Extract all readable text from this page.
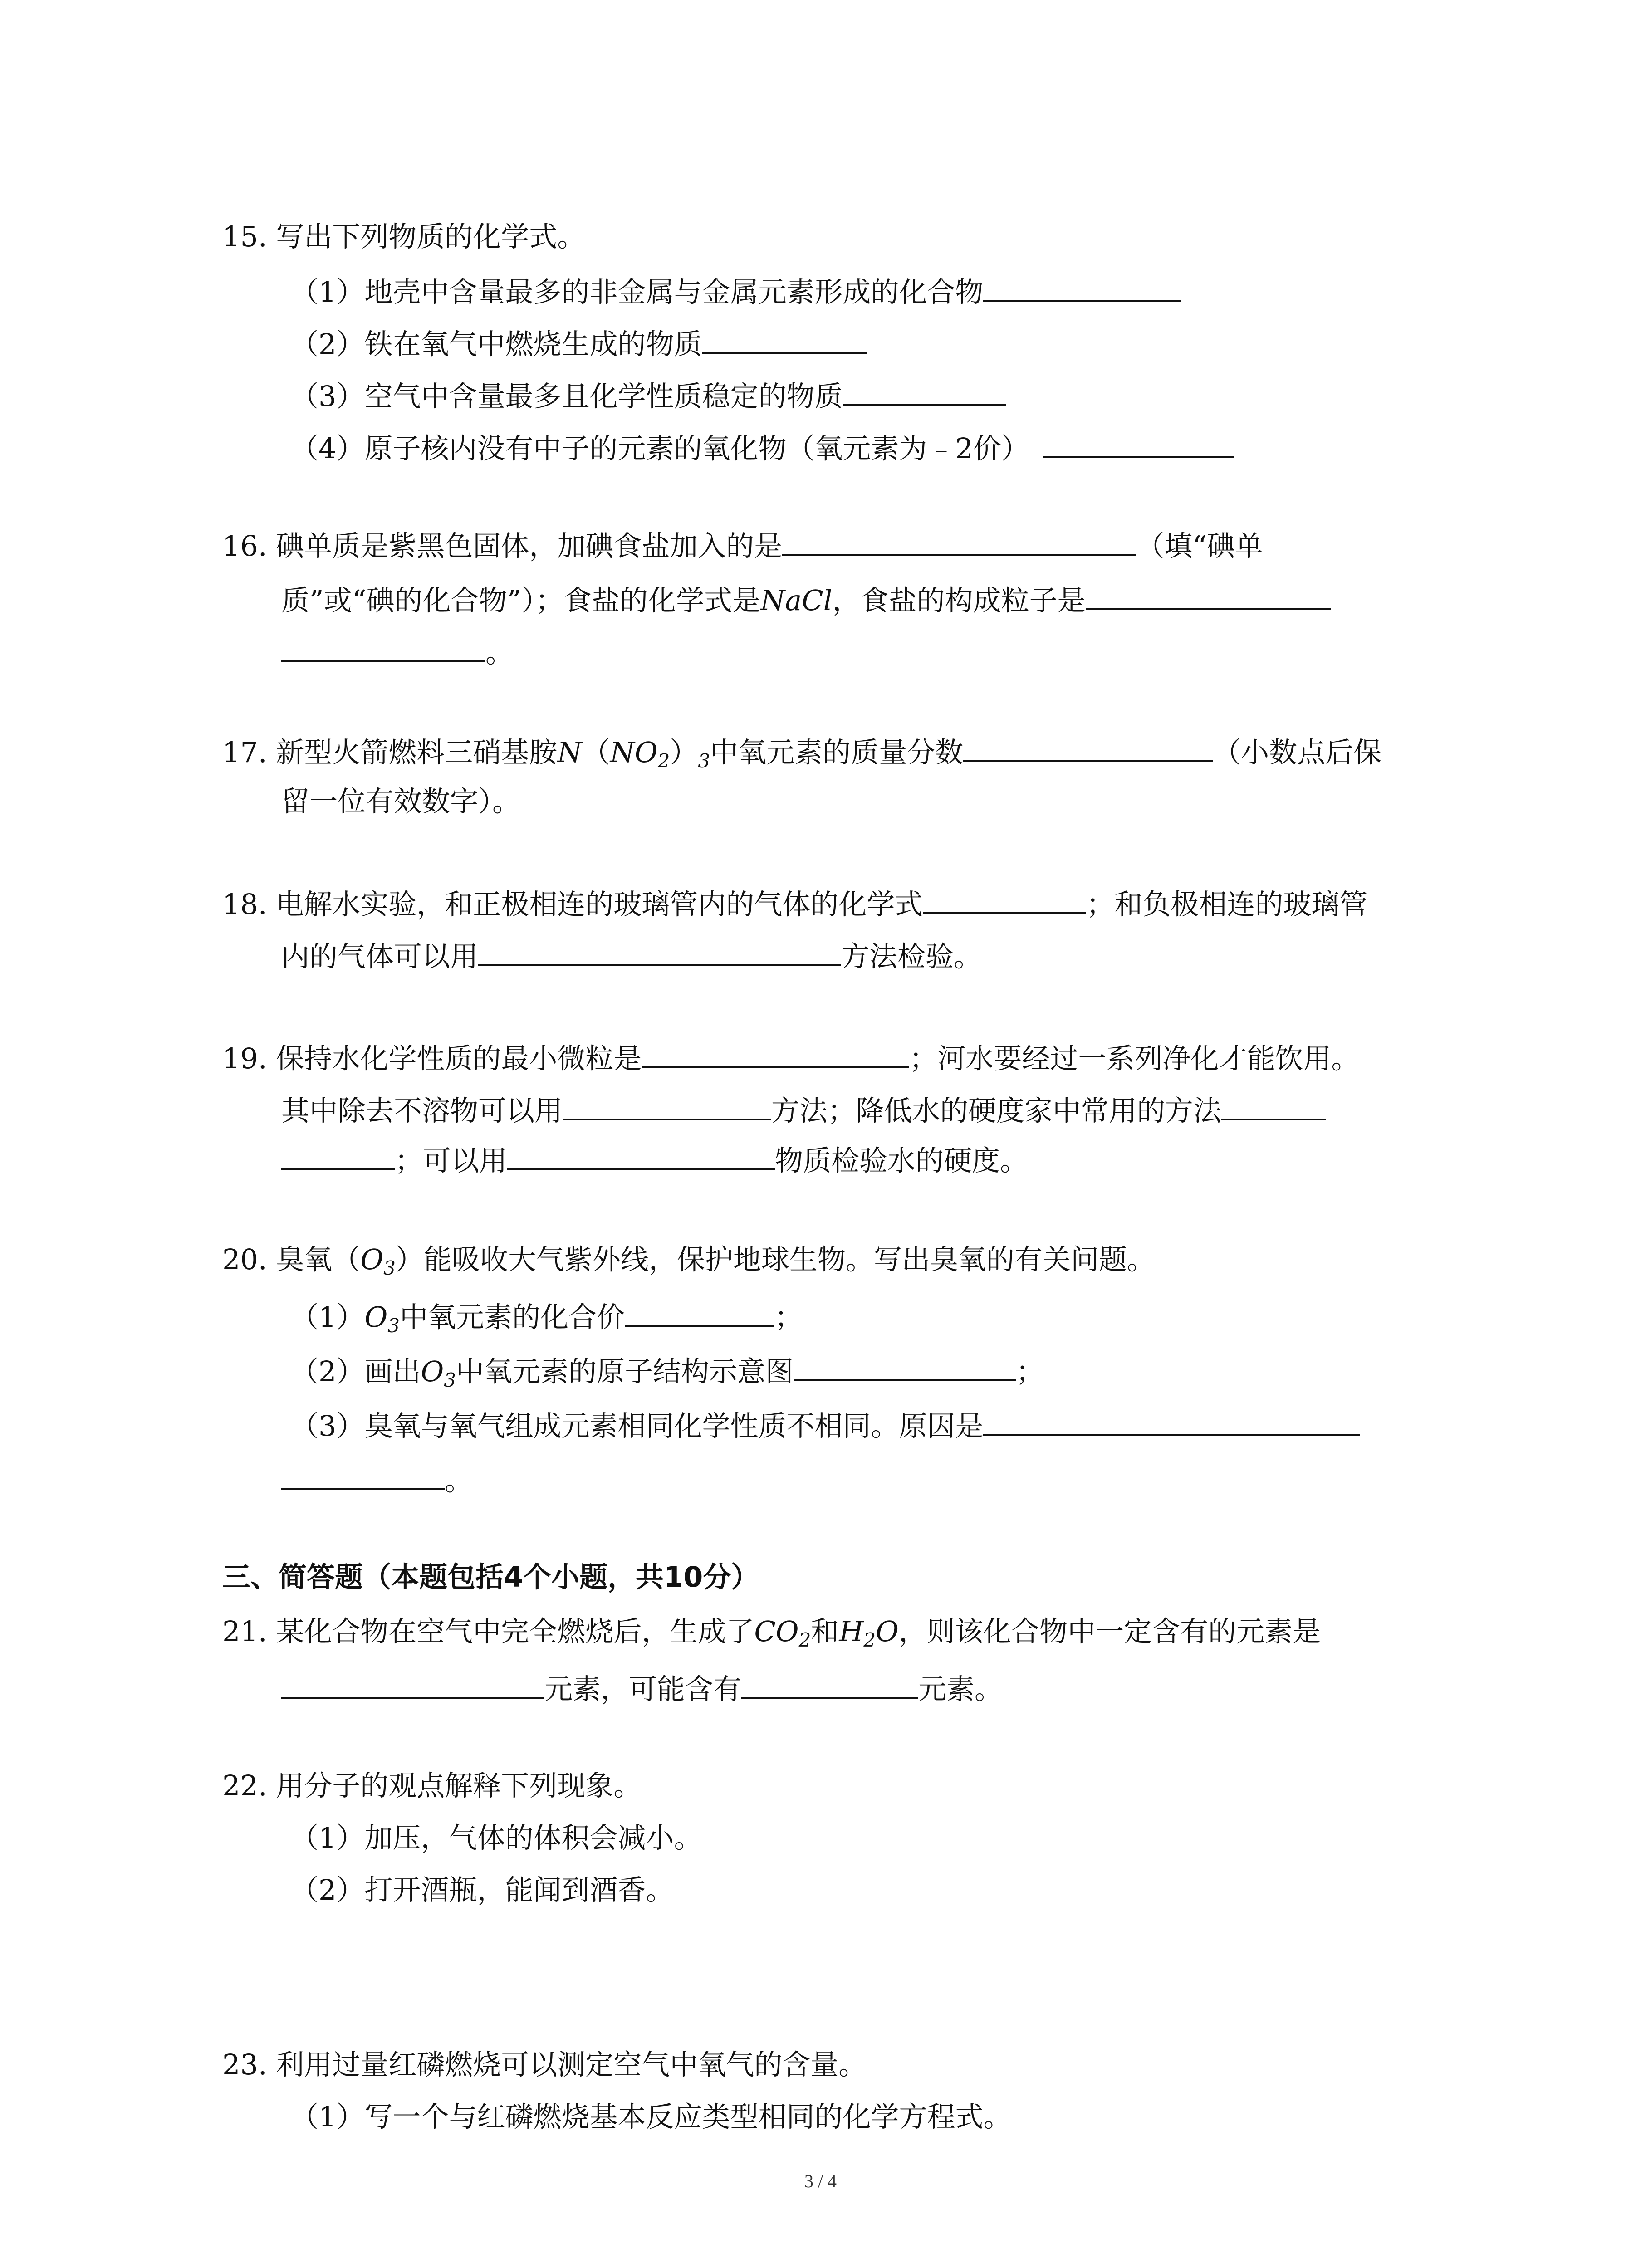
15. 写出下列物质的化学式。
（1）地壳中含量最多的非金属与金属元素形成的化合物
（2）铁在氧气中燃烧生成的物质
（3）空气中含量最多且化学性质稳定的物质
（4）原子核内没有中子的元素的氧化物（氧元素为﹣2价）
16. 碘单质是紫黑色固体，加碘食盐加入的是	（填“碘单
质”或“碘的化合物”）；食盐的化学式是NaCl，食盐的构成粒子是
。
17. 新型火箭燃料三硝基胺$N(NO_2)_3$中氧元素的质量分数	（小数点后保
留一位有效数字）。
18. 电解水实验，和正极相连的玻璃管内的气体的化学式	；和负极相连的玻璃管
内的气体可以用	方法检验。
19. 保持水化学性质的最小微粒是	；河水要经过一系列净化才能饮用。
其中除去不溶物可以用	方法；降低水的硬度家中常用的方法
；可以用	物质检验水的硬度。
20. 臭氧$(O_3)$能吸收大气紫外线，保护地球生物。写出臭氧的有关问题。
$(1)O_3$中氧元素的化合价	；
（2）画出$O_3$中氧元素的原子结构示意图	；
（3）臭氧与氧气组成元素相同化学性质不相同。原因是
。
三、简答题（本题包括4个小题，共10分）
21. 某化合物在空气中完全燃烧后，生成了$CO_2$和$H_2O$，则该化合物中一定含有的元素是
元素，可能含有	元素。
22. 用分子的观点解释下列现象。
（1）加压，气体的体积会减小。
（2）打开酒瓶，能闻到酒香。
23. 利用过量红磷燃烧可以测定空气中氧气的含量。
（1）写一个与红磷燃烧基本反应类型相同的化学方程式。
3 / 4
